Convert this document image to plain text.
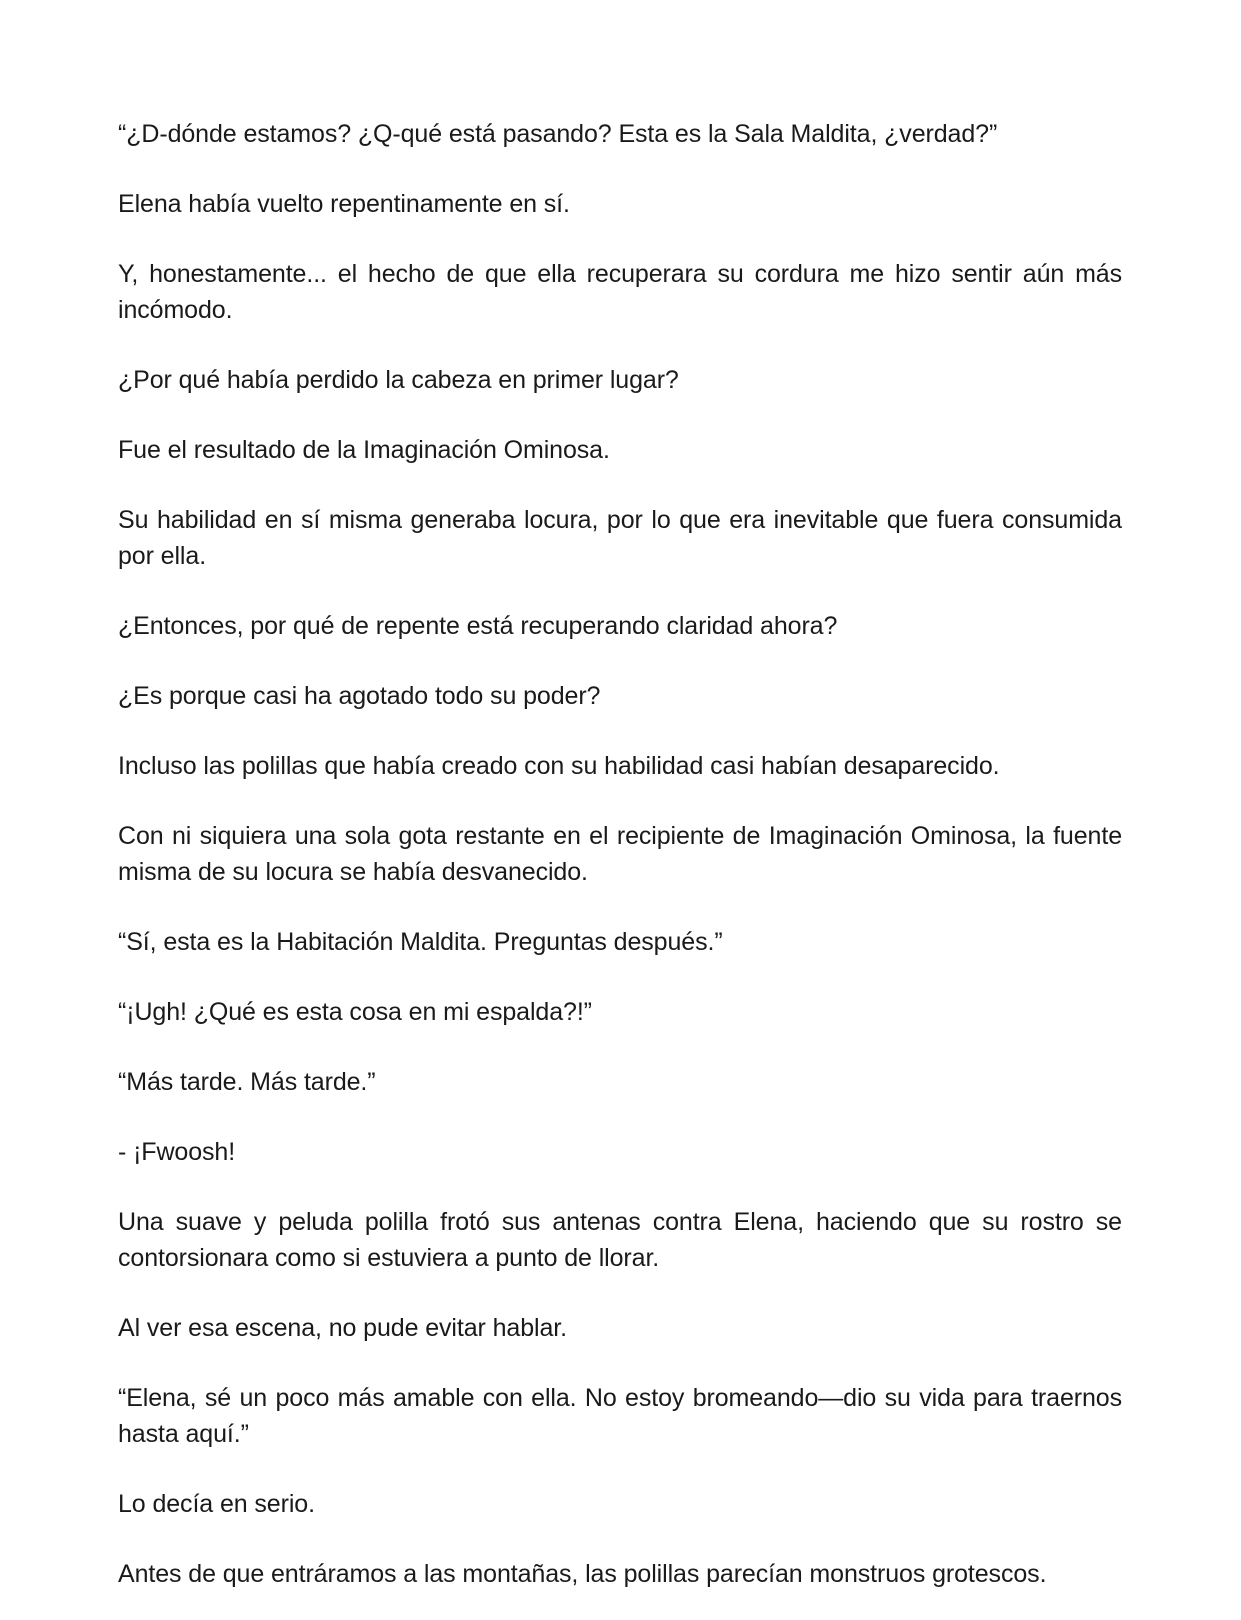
“¿D-dónde estamos? ¿Q-qué está pasando? Esta es la Sala Maldita, ¿verdad?”

Elena había vuelto repentinamente en sí.

Y, honestamente... el hecho de que ella recuperara su cordura me hizo sentir aún más incómodo.

¿Por qué había perdido la cabeza en primer lugar?

Fue el resultado de la Imaginación Ominosa.

Su habilidad en sí misma generaba locura, por lo que era inevitable que fuera consumida por ella.

¿Entonces, por qué de repente está recuperando claridad ahora?

¿Es porque casi ha agotado todo su poder?

Incluso las polillas que había creado con su habilidad casi habían desaparecido.

Con ni siquiera una sola gota restante en el recipiente de Imaginación Ominosa, la fuente misma de su locura se había desvanecido.

“Sí, esta es la Habitación Maldita. Preguntas después.”

“¡Ugh! ¿Qué es esta cosa en mi espalda?!”

“Más tarde. Más tarde.”

- ¡Fwoosh!

Una suave y peluda polilla frotó sus antenas contra Elena, haciendo que su rostro se contorsionara como si estuviera a punto de llorar.

Al ver esa escena, no pude evitar hablar.

“Elena, sé un poco más amable con ella. No estoy bromeando—dio su vida para traernos hasta aquí.”

Lo decía en serio.

Antes de que entráramos a las montañas, las polillas parecían monstruos grotescos.
